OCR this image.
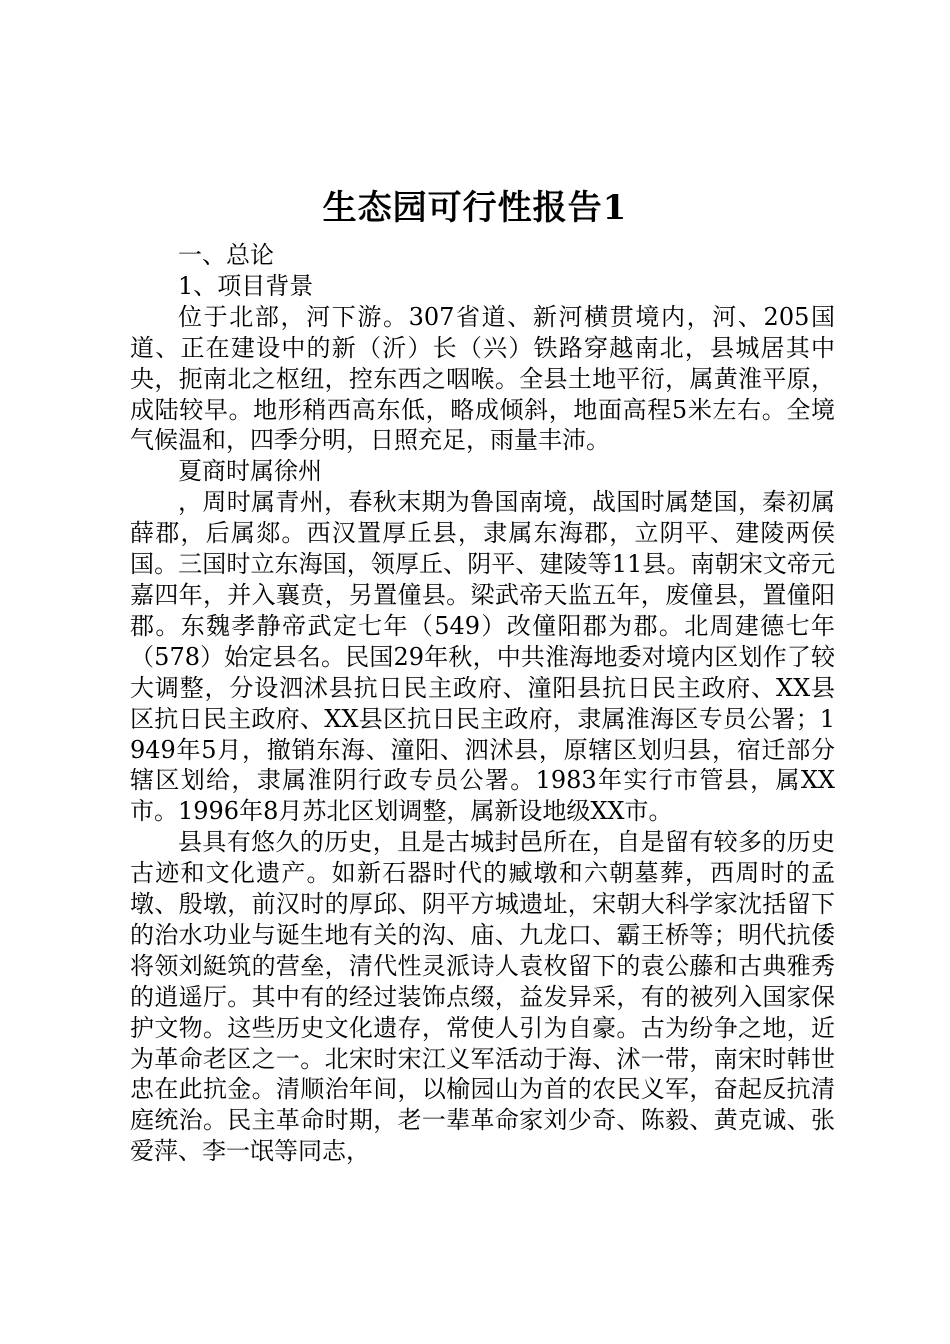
生态园可行性报告1

一、总论

1、项目背景

位于北部，河下游。307省道、新河横贯境内，河、205国道、正在建设中的新（沂）长（兴）铁路穿越南北，县城居其中央，扼南北之枢纽，控东西之咽喉。全县土地平衍，属黄淮平原，成陆较早。地形稍西高东低，略成倾斜，地面高程5米左右。全境气候温和，四季分明，日照充足，雨量丰沛。

夏商时属徐州

，周时属青州，春秋末期为鲁国南境，战国时属楚国，秦初属薛郡，后属郯。西汉置厚丘县，隶属东海郡，立阴平、建陵两侯国。三国时立东海国，领厚丘、阴平、建陵等11县。南朝宋文帝元嘉四年，并入襄贲，另置僮县。梁武帝天监五年，废僮县，置僮阳郡。东魏孝静帝武定七年（549）改僮阳郡为郡。北周建德七年（578）始定县名。民国29年秋，中共淮海地委对境内区划作了较大调整，分设泗沭县抗日民主政府、潼阳县抗日民主政府、XX县区抗日民主政府、XX县区抗日民主政府，隶属淮海区专员公署；1949年5月，撤销东海、潼阳、泗沭县，原辖区划归县，宿迁部分辖区划给，隶属淮阴行政专员公署。1983年实行市管县，属XX市。1996年8月苏北区划调整，属新设地级XX市。

县具有悠久的历史，且是古城封邑所在，自是留有较多的历史古迹和文化遗产。如新石器时代的臧墩和六朝墓葬，西周时的孟墩、殷墩，前汉时的厚邱、阴平方城遗址，宋朝大科学家沈括留下的治水功业与诞生地有关的沟、庙、九龙口、霸王桥等；明代抗倭将领刘綎筑的营垒，清代性灵派诗人袁枚留下的袁公藤和古典雅秀的逍遥厅。其中有的经过装饰点缀，益发异采，有的被列入国家保护文物。这些历史文化遗存，常使人引为自豪。古为纷争之地，近为革命老区之一。北宋时宋江义军活动于海、沭一带，南宋时韩世忠在此抗金。清顺治年间，以榆园山为首的农民义军，奋起反抗清庭统治。民主革命时期，老一辈革命家刘少奇、陈毅、黄克诚、张爱萍、李一氓等同志，
